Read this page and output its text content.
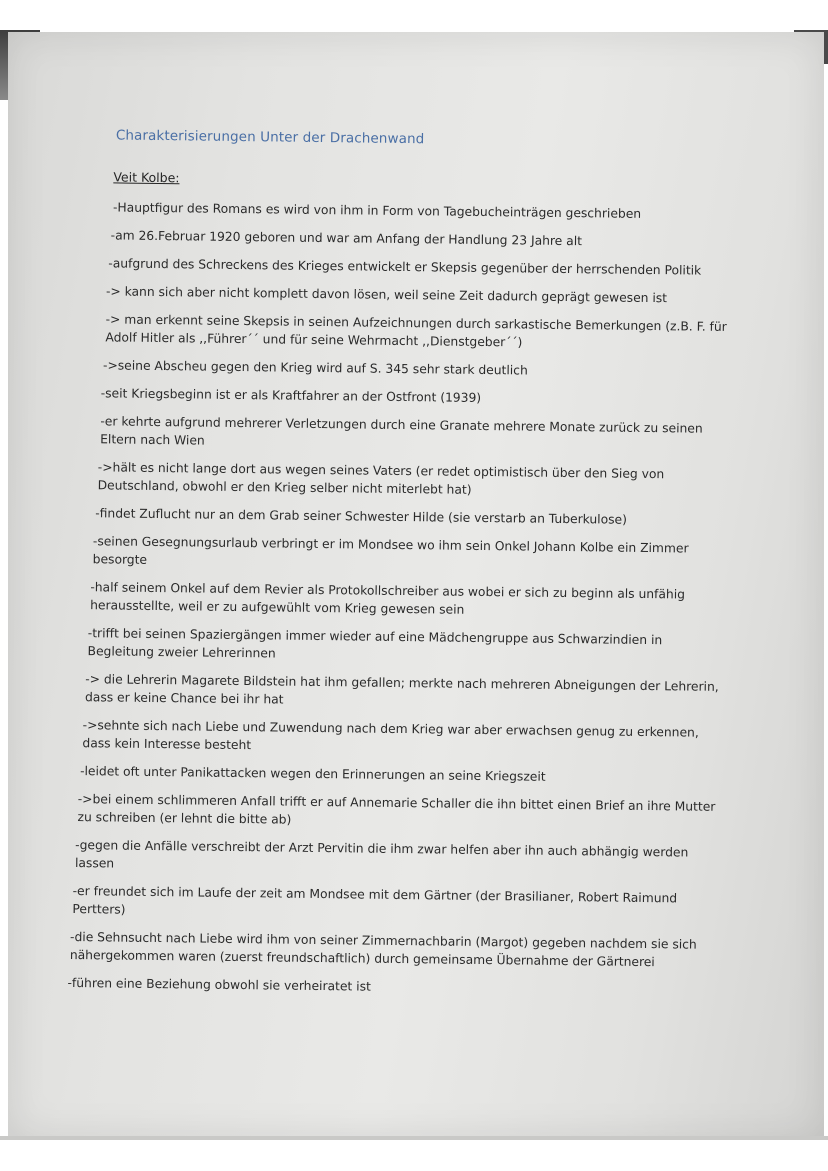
Charakterisierungen Unter der Drachenwand
Veit Kolbe:
-Hauptfigur des Romans es wird von ihm in Form von Tagebucheinträgen geschrieben
-am 26.Februar 1920 geboren und war am Anfang der Handlung 23 Jahre alt
-aufgrund des Schreckens des Krieges entwickelt er Skepsis gegenüber der herrschenden Politik
-> kann sich aber nicht komplett davon lösen, weil seine Zeit dadurch geprägt gewesen ist
-> man erkennt seine Skepsis in seinen Aufzeichnungen durch sarkastische Bemerkungen (z.B. F. für Adolf Hitler als ,,Führer´´ und für seine Wehrmacht ,,Dienstgeber´´)
->seine Abscheu gegen den Krieg wird auf S. 345 sehr stark deutlich
-seit Kriegsbeginn ist er als Kraftfahrer an der Ostfront (1939)
-er kehrte aufgrund mehrerer Verletzungen durch eine Granate mehrere Monate zurück zu seinen Eltern nach Wien
->hält es nicht lange dort aus wegen seines Vaters (er redet optimistisch über den Sieg von Deutschland, obwohl er den Krieg selber nicht miterlebt hat)
-findet Zuflucht nur an dem Grab seiner Schwester Hilde (sie verstarb an Tuberkulose)
-seinen Gesegnungsurlaub verbringt er im Mondsee wo ihm sein Onkel Johann Kolbe ein Zimmer besorgte
-half seinem Onkel auf dem Revier als Protokollschreiber aus wobei er sich zu beginn als unfähig herausstellte, weil er zu aufgewühlt vom Krieg gewesen sein
-trifft bei seinen Spaziergängen immer wieder auf eine Mädchengruppe aus Schwarzindien in Begleitung zweier Lehrerinnen
-> die Lehrerin Magarete Bildstein hat ihm gefallen; merkte nach mehreren Abneigungen der Lehrerin, dass er keine Chance bei ihr hat
->sehnte sich nach Liebe und Zuwendung nach dem Krieg war aber erwachsen genug zu erkennen, dass kein Interesse besteht
-leidet oft unter Panikattacken wegen den Erinnerungen an seine Kriegszeit
->bei einem schlimmeren Anfall trifft er auf Annemarie Schaller die ihn bittet einen Brief an ihre Mutter zu schreiben (er lehnt die bitte ab)
-gegen die Anfälle verschreibt der Arzt Pervitin die ihm zwar helfen aber ihn auch abhängig werden lassen
-er freundet sich im Laufe der zeit am Mondsee mit dem Gärtner (der Brasilianer, Robert Raimund Pertters)
-die Sehnsucht nach Liebe wird ihm von seiner Zimmernachbarin (Margot) gegeben nachdem sie sich nähergekommen waren (zuerst freundschaftlich) durch gemeinsame Übernahme der Gärtnerei
-führen eine Beziehung obwohl sie verheiratet ist
